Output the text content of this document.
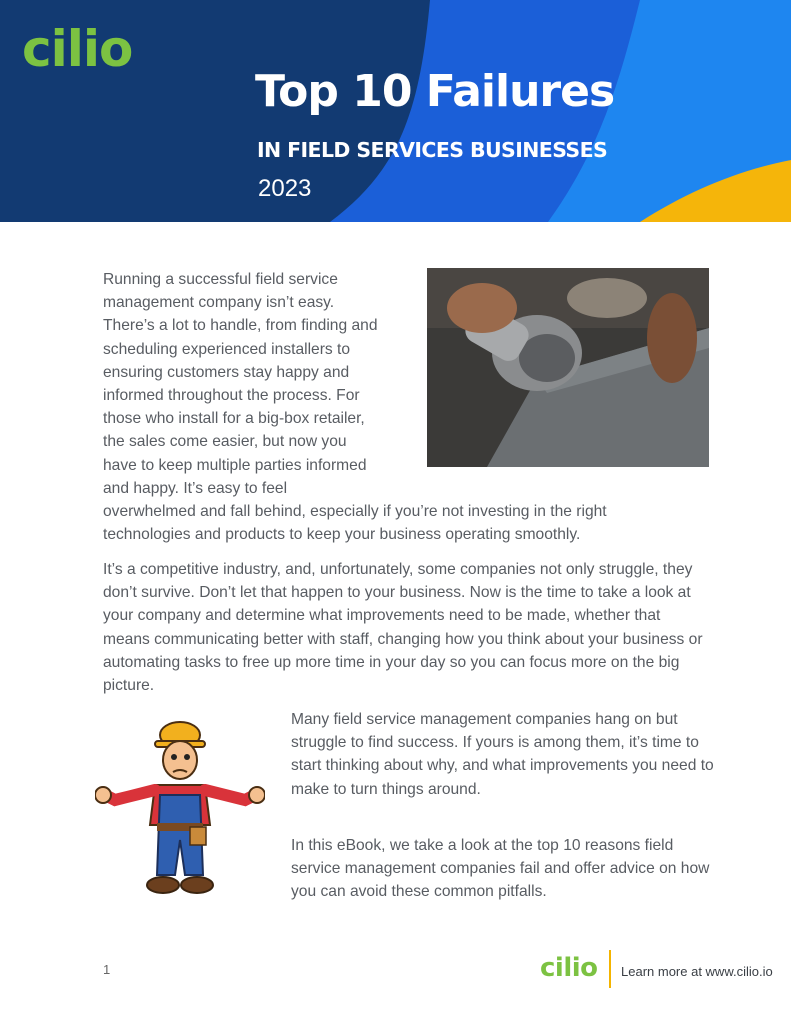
cilio
Top 10 Failures
IN FIELD SERVICES BUSINESSES
2023

Running a successful field service management company isn’t easy. There’s a lot to handle, from finding and scheduling experienced installers to ensuring customers stay happy and informed throughout the process. For those who install for a big-box retailer, the sales come easier, but now you have to keep multiple parties informed and happy. It’s easy to feel overwhelmed and fall behind, especially if you’re not investing in the right technologies and products to keep your business operating smoothly.

It’s a competitive industry, and, unfortunately, some companies not only struggle, they don’t survive. Don’t let that happen to your business. Now is the time to take a look at your company and determine what improvements need to be made, whether that means communicating better with staff, changing how you think about your business or automating tasks to free up more time in your day so you can focus more on the big picture.

Many field service management companies hang on but struggle to find success. If yours is among them, it’s time to start thinking about why, and what improvements you need to make to turn things around.

In this eBook, we take a look at the top 10 reasons field service management companies fail and offer advice on how you can avoid these common pitfalls.

1	cilio Learn more at www.cilio.io
